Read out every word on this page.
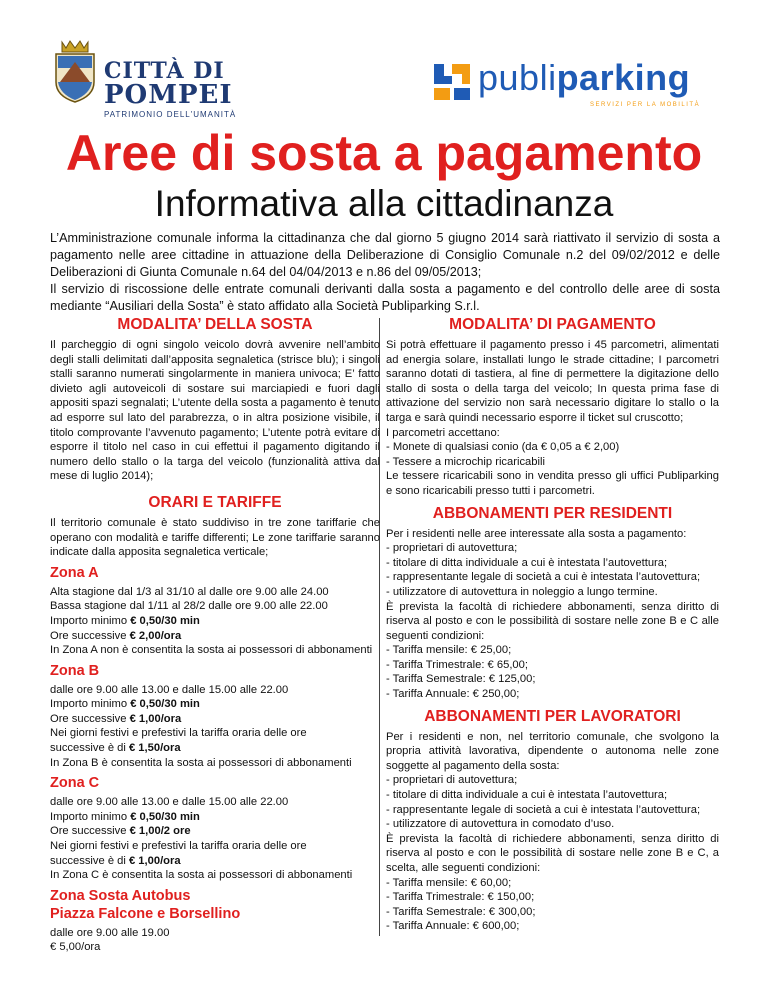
CITTÀ DI
POMPEI
PATRIMONIO DELL'UMANITÀ
publiparking
SERVIZI PER LA MOBILITÀ
Aree di sosta a pagamento
Informativa alla cittadinanza

L’Amministrazione comunale informa la cittadinanza che dal giorno 5 giugno 2014 sarà riattivato il servizio di sosta a pagamento nelle aree cittadine in attuazione della Deliberazione di Consiglio Comunale n.2 del 09/02/2012 e delle Deliberazioni di Giunta Comunale n.64 del 04/04/2013 e n.86 del 09/05/2013;

Il servizio di riscossione delle entrate comunali derivanti dalla sosta a pagamento e del controllo delle aree di sosta mediante “Ausiliari della Sosta” è stato affidato alla Società Publiparking S.r.l.

MODALITA’ DELLA SOSTA

Il parcheggio di ogni singolo veicolo dovrà avvenire nell’ambito degli stalli delimitati dall’apposita segnaletica (strisce blu); i singoli stalli saranno numerati singolarmente in maniera univoca; E’ fatto divieto agli autoveicoli di sostare sui marciapiedi e fuori dagli appositi spazi segnalati; L’utente della sosta a pagamento è tenuto ad esporre sul lato del parabrezza, o in altra posizione visibile, il titolo comprovante l’avvenuto pagamento; L’utente potrà evitare di esporre il titolo nel caso in cui effettui il pagamento digitando il numero dello stallo o la targa del veicolo (funzionalità attiva dal mese di luglio 2014);

ORARI E TARIFFE

Il territorio comunale è stato suddiviso in tre zone tariffarie che operano con modalità e tariffe differenti; Le zone tariffarie saranno indicate dalla apposita segnaletica verticale;

Zona A

Alta stagione dal 1/3 al 31/10 al dalle ore 9.00 alle 24.00

Bassa stagione dal 1/11 al 28/2 dalle ore 9.00 alle 22.00

Importo minimo € 0,50/30 min

Ore successive € 2,00/ora

In Zona A non è consentita la sosta ai possessori di abbonamenti

Zona B

dalle ore 9.00 alle 13.00 e dalle 15.00 alle 22.00

Importo minimo € 0,50/30 min

Ore successive € 1,00/ora

Nei giorni festivi e prefestivi la tariffa oraria delle ore

successive è di € 1,50/ora

In Zona B è consentita la sosta ai possessori di abbonamenti

Zona C

dalle ore 9.00 alle 13.00 e dalle 15.00 alle 22.00

Importo minimo € 0,50/30 min

Ore successive € 1,00/2 ore

Nei giorni festivi e prefestivi la tariffa oraria delle ore

successive è di € 1,00/ora

In Zona C è consentita la sosta ai possessori di abbonamenti

Zona Sosta Autobus
Piazza Falcone e Borsellino

dalle ore 9.00 alle 19.00

€ 5,00/ora

MODALITA’ DI PAGAMENTO

Si potrà effettuare il pagamento presso i 45 parcometri, alimentati ad energia solare, installati lungo le strade cittadine; I parcometri saranno dotati di tastiera, al fine di permettere la digitazione dello stallo di sosta o della targa del veicolo; In questa prima fase di attivazione del servizio non sarà necessario digitare lo stallo o la targa e sarà quindi necessario esporre il ticket sul cruscotto;

I parcometri accettano:

- Monete di qualsiasi conio (da € 0,05 a € 2,00)

- Tessere a microchip ricaricabili

Le tessere ricaricabili sono in vendita presso gli uffici Publiparking e sono ricaricabili presso tutti i parcometri.

ABBONAMENTI PER RESIDENTI

Per i residenti nelle aree interessate alla sosta a pagamento:

- proprietari di autovettura;

- titolare di ditta individuale a cui è intestata l’autovettura;

- rappresentante legale di società a cui è intestata l’autovettura;

- utilizzatore di autovettura in noleggio a lungo termine.

È prevista la facoltà di richiedere abbonamenti, senza diritto di riserva al posto e con le possibilità di sostare nelle zone B e C alle seguenti condizioni:

- Tariffa mensile: € 25,00;

- Tariffa Trimestrale: € 65,00;

- Tariffa Semestrale: € 125,00;

- Tariffa Annuale: € 250,00;

ABBONAMENTI PER LAVORATORI

Per i residenti e non, nel territorio comunale, che svolgono la propria attività lavorativa, dipendente o autonoma nelle zone soggette al pagamento della sosta:

- proprietari di autovettura;

- titolare di ditta individuale a cui è intestata l’autovettura;

- rappresentante legale di società a cui è intestata l’autovettura;

- utilizzatore di autovettura in comodato d’uso.

È prevista la facoltà di richiedere abbonamenti, senza diritto di riserva al posto e con le possibilità di sostare nelle zone B e C, a scelta, alle seguenti condizioni:

- Tariffa mensile: € 60,00;

- Tariffa Trimestrale: € 150,00;

- Tariffa Semestrale: € 300,00;

- Tariffa Annuale: € 600,00;
